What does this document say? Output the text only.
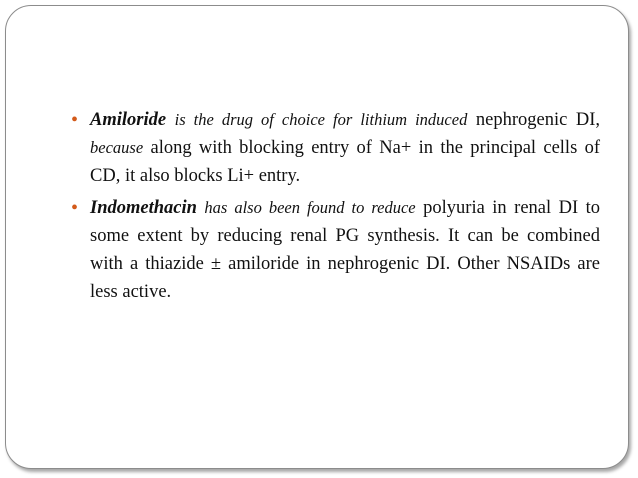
• Amiloride is the drug of choice for lithium induced nephrogenic DI, because along with blocking entry of Na+ in the principal cells of CD, it also blocks Li+ entry.

• Indomethacin has also been found to reduce polyuria in renal DI to some extent by reducing renal PG synthesis. It can be combined with a thiazide ± amiloride in nephrogenic DI. Other NSAIDs are less active.
